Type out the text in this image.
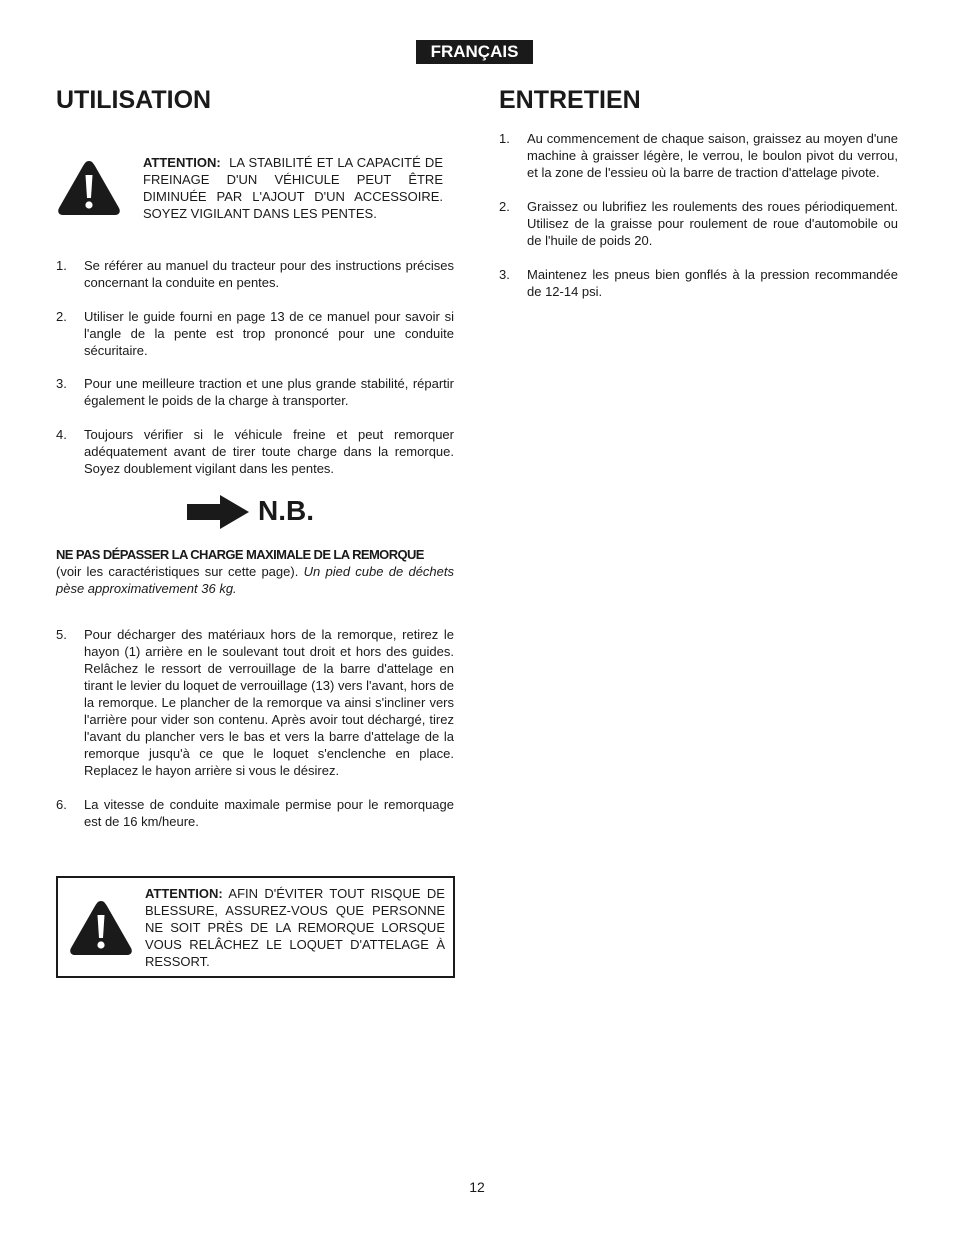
FRANÇAIS
UTILISATION	ENTRETIEN
ATTENTION: LA STABILITÉ ET LA CAPACITÉ DE FREINAGE D'UN VÉHICULE PEUT ÊTRE DIMINUÉE PAR L'AJOUT D'UN ACCESSOIRE. SOYEZ VIGILANT DANS LES PENTES.
1. Se référer au manuel du tracteur pour des instructions précises concernant la conduite en pentes.
2. Utiliser le guide fourni en page 13 de ce manuel pour savoir si l'angle de la pente est trop prononcé pour une conduite sécuritaire.
3. Pour une meilleure traction et une plus grande stabilité, répartir également le poids de la charge à transporter.
4. Toujours vérifier si le véhicule freine et peut remorquer adéquatement avant de tirer toute charge dans la remorque. Soyez doublement vigilant dans les pentes.
N.B.
NE PAS DÉPASSER LA CHARGE MAXIMALE DE LA REMORQUE
(voir les caractéristiques sur cette page). Un pied cube de déchets pèse approximativement 36 kg.
5. Pour décharger des matériaux hors de la remorque, retirez le hayon (1) arrière en le soulevant tout droit et hors des guides. Relâchez le ressort de verrouillage de la barre d'attelage en tirant le levier du loquet de verrouillage (13) vers l'avant, hors de la remorque. Le plancher de la remorque va ainsi s'incliner vers l'arrière pour vider son contenu. Après avoir tout déchargé, tirez l'avant du plancher vers le bas et vers la barre d'attelage de la remorque jusqu'à ce que le loquet s'enclenche en place. Replacez le hayon arrière si vous le désirez.
6. La vitesse de conduite maximale permise pour le remorquage est de 16 km/heure.
ATTENTION: AFIN D'ÉVITER TOUT RISQUE DE BLESSURE, ASSUREZ-VOUS QUE PERSONNE NE SOIT PRÈS DE LA REMORQUE LORSQUE VOUS RELÂCHEZ LE LOQUET D'ATTELAGE À RESSORT.
1. Au commencement de chaque saison, graissez au moyen d'une machine à graisser légère, le verrou, le boulon pivot du verrou, et la zone de l'essieu où la barre de traction d'attelage pivote.
2. Graissez ou lubrifiez les roulements des roues périodiquement. Utilisez de la graisse pour roulement de roue d'automobile ou de l'huile de poids 20.
3. Maintenez les pneus bien gonflés à la pression recommandée de 12-14 psi.
12
